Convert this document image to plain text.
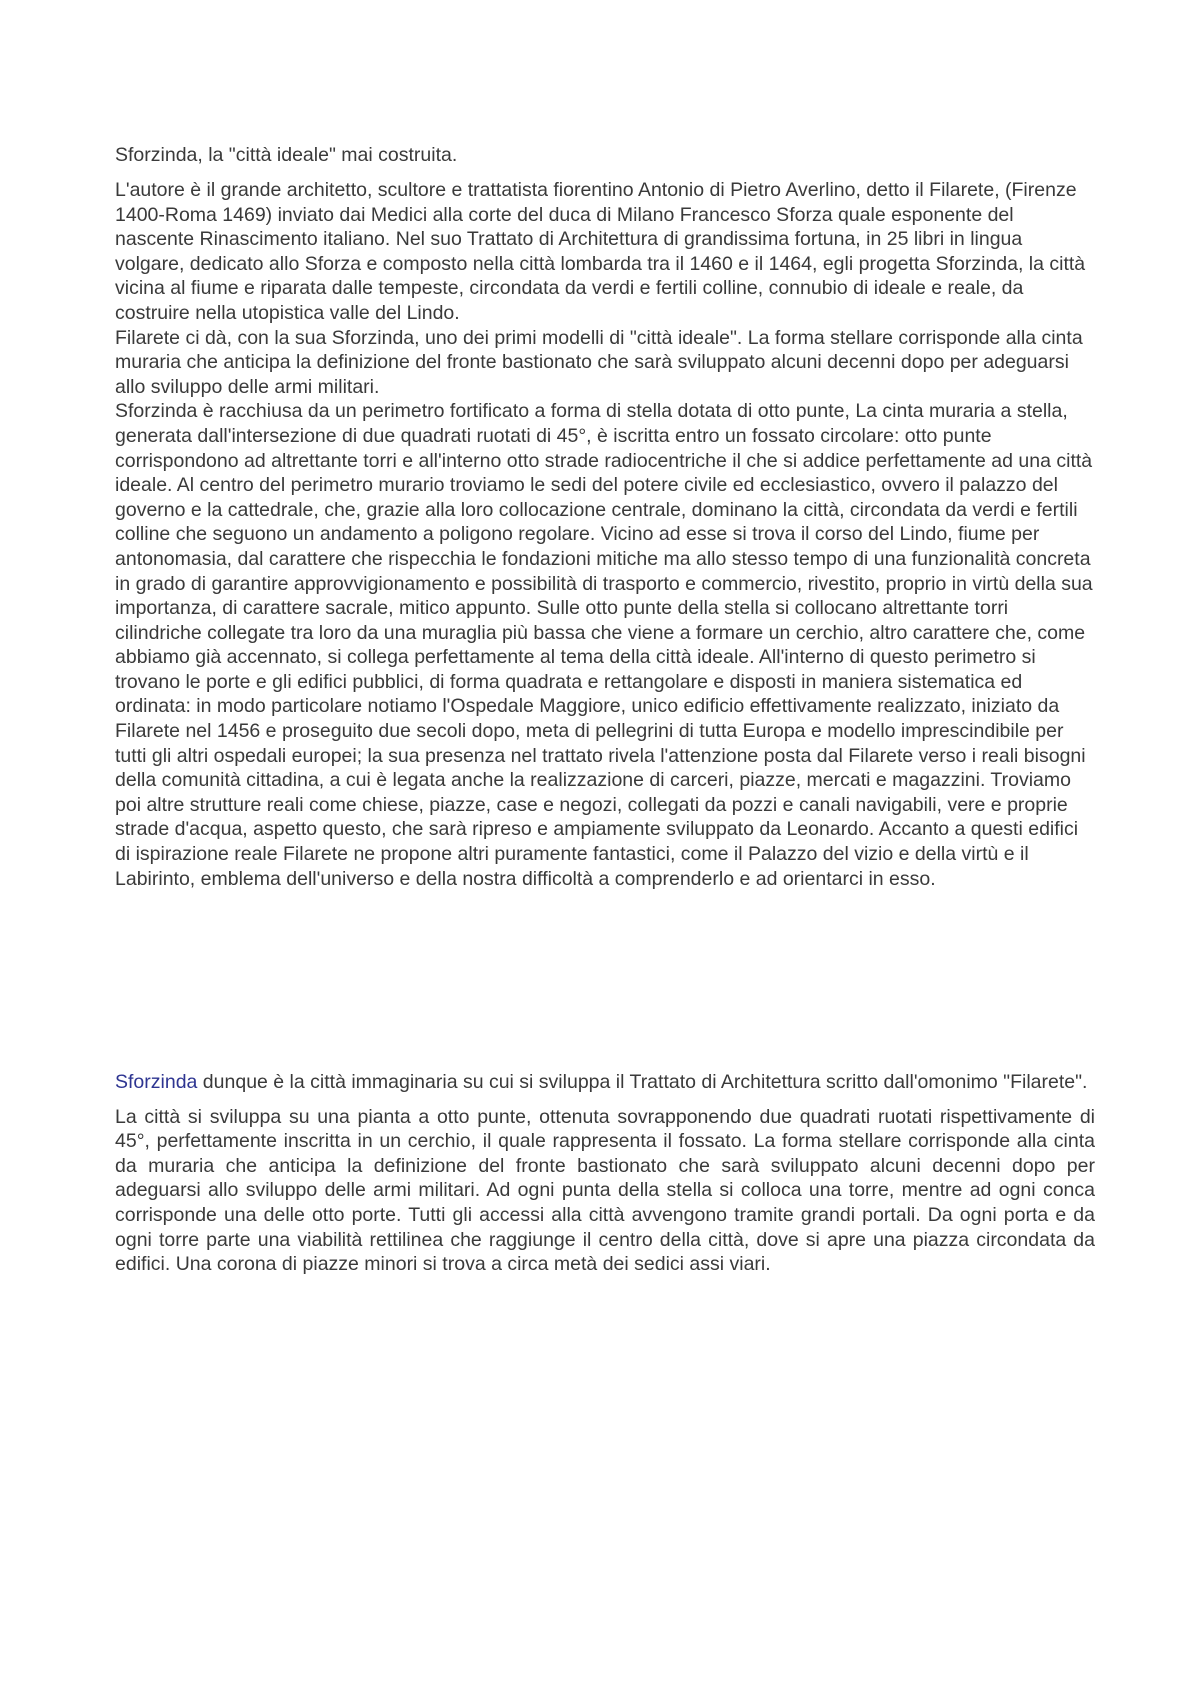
Sforzinda, la "città ideale" mai costruita.

L'autore è il grande architetto, scultore e trattatista fiorentino Antonio di Pietro Averlino, detto il Filarete, (Firenze 1400-Roma 1469) inviato dai Medici alla corte del duca di Milano Francesco Sforza quale esponente del nascente Rinascimento italiano. Nel suo Trattato di Architettura di grandissima fortuna, in 25 libri in lingua volgare, dedicato allo Sforza e composto nella città lombarda tra il 1460 e il 1464, egli progetta Sforzinda, la città vicina al fiume e riparata dalle tempeste, circondata da verdi e fertili colline, connubio di ideale e reale, da costruire nella utopistica valle del Lindo.

Filarete ci dà, con la sua Sforzinda, uno dei primi modelli di "città ideale". La forma stellare corrisponde alla cinta muraria che anticipa la definizione del fronte bastionato che sarà sviluppato alcuni decenni dopo per adeguarsi allo sviluppo delle armi militari.

Sforzinda è racchiusa da un perimetro fortificato a forma di stella dotata di otto punte, La cinta muraria a stella, generata dall'intersezione di due quadrati ruotati di 45°, è iscritta entro un fossato circolare: otto punte corrispondono ad altrettante torri e all'interno otto strade radiocentriche il che si addice perfettamente ad una città ideale. Al centro del perimetro murario troviamo le sedi del potere civile ed ecclesiastico, ovvero il palazzo del governo e la cattedrale, che, grazie alla loro collocazione centrale, dominano la città, circondata da verdi e fertili colline che seguono un andamento a poligono regolare. Vicino ad esse si trova il corso del Lindo, fiume per antonomasia, dal carattere che rispecchia le fondazioni mitiche ma allo stesso tempo di una funzionalità concreta in grado di garantire approvvigionamento e possibilità di trasporto e commercio, rivestito, proprio in virtù della sua importanza, di carattere sacrale, mitico appunto. Sulle otto punte della stella si collocano altrettante torri cilindriche collegate tra loro da una muraglia più bassa che viene a formare un cerchio, altro carattere che, come abbiamo già accennato, si collega perfettamente al tema della città ideale. All'interno di questo perimetro si trovano le porte e gli edifici pubblici, di forma quadrata e rettangolare e disposti in maniera sistematica ed ordinata: in modo particolare notiamo l'Ospedale Maggiore, unico edificio effettivamente realizzato, iniziato da Filarete nel 1456 e proseguito due secoli dopo, meta di pellegrini di tutta Europa e modello imprescindibile per tutti gli altri ospedali europei; la sua presenza nel trattato rivela l'attenzione posta dal Filarete verso i reali bisogni della comunità cittadina, a cui è legata anche la realizzazione di carceri, piazze, mercati e magazzini. Troviamo poi altre strutture reali come chiese, piazze, case e negozi, collegati da pozzi e canali navigabili, vere e proprie strade d'acqua, aspetto questo, che sarà ripreso e ampiamente sviluppato da Leonardo. Accanto a questi edifici di ispirazione reale Filarete ne propone altri puramente fantastici, come il Palazzo del vizio e della virtù e il Labirinto, emblema dell'universo e della nostra difficoltà a comprenderlo e ad orientarci in esso.

Sforzinda dunque è la città immaginaria su cui si sviluppa il Trattato di Architettura scritto dall'omonimo "Filarete".

La città si sviluppa su una pianta a otto punte, ottenuta sovrapponendo due quadrati ruotati rispettivamente di 45°, perfettamente inscritta in un cerchio, il quale rappresenta il fossato. La forma stellare corrisponde alla cinta da muraria che anticipa la definizione del fronte bastionato che sarà sviluppato alcuni decenni dopo per adeguarsi allo sviluppo delle armi militari. Ad ogni punta della stella si colloca una torre, mentre ad ogni conca corrisponde una delle otto porte. Tutti gli accessi alla città avvengono tramite grandi portali. Da ogni porta e da ogni torre parte una viabilità rettilinea che raggiunge il centro della città, dove si apre una piazza circondata da edifici. Una corona di piazze minori si trova a circa metà dei sedici assi viari.
